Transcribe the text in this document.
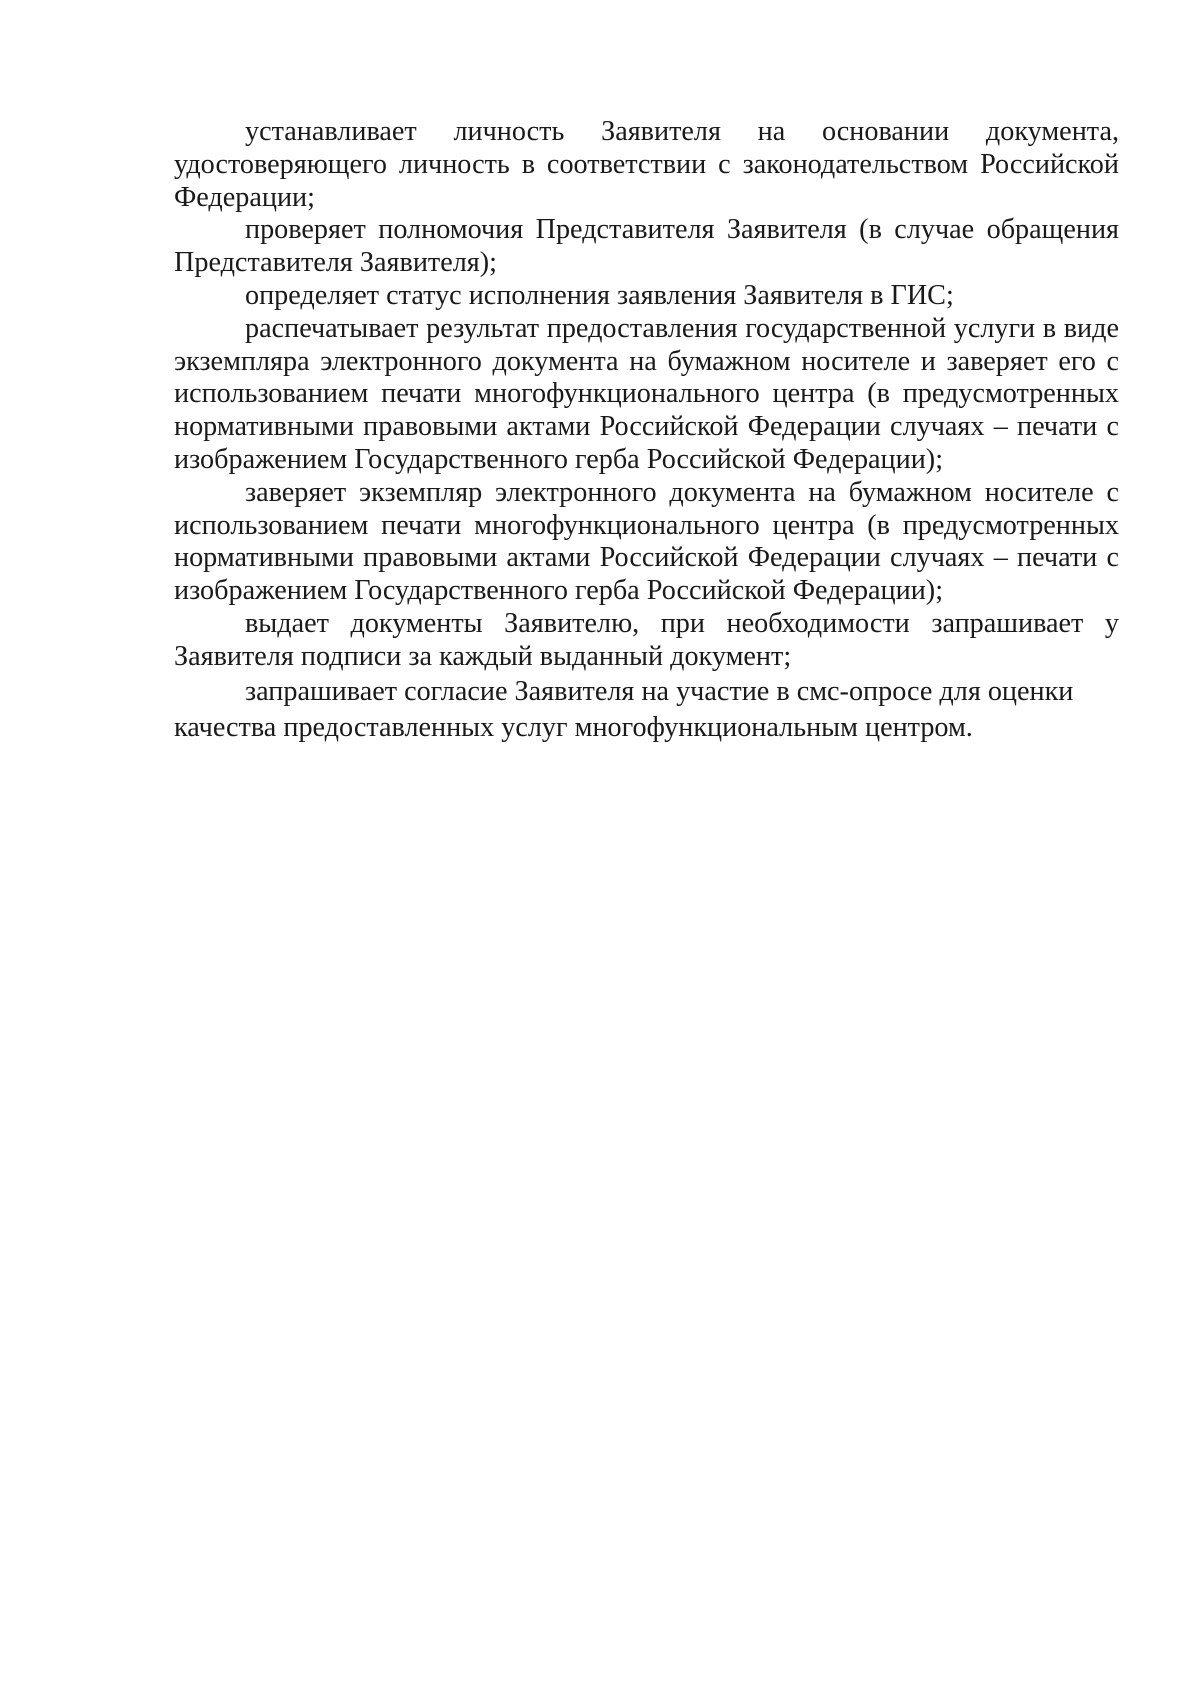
устанавливает личность Заявителя на основании документа, удостоверяющего личность в соответствии с законодательством Российской Федерации;

проверяет полномочия Представителя Заявителя (в случае обращения Представителя Заявителя);

определяет статус исполнения заявления Заявителя в ГИС;

распечатывает результат предоставления государственной услуги в виде экземпляра электронного документа на бумажном носителе и заверяет его с использованием печати многофункционального центра (в предусмотренных нормативными правовыми актами Российской Федерации случаях – печати с изображением Государственного герба Российской Федерации);

заверяет экземпляр электронного документа на бумажном носителе с использованием печати многофункционального центра (в предусмотренных нормативными правовыми актами Российской Федерации случаях – печати с изображением Государственного герба Российской Федерации);

выдает документы Заявителю, при необходимости запрашивает у Заявителя подписи за каждый выданный документ;

запрашивает согласие Заявителя на участие в смс-опросе для оценки качества предоставленных услуг многофункциональным центром.
